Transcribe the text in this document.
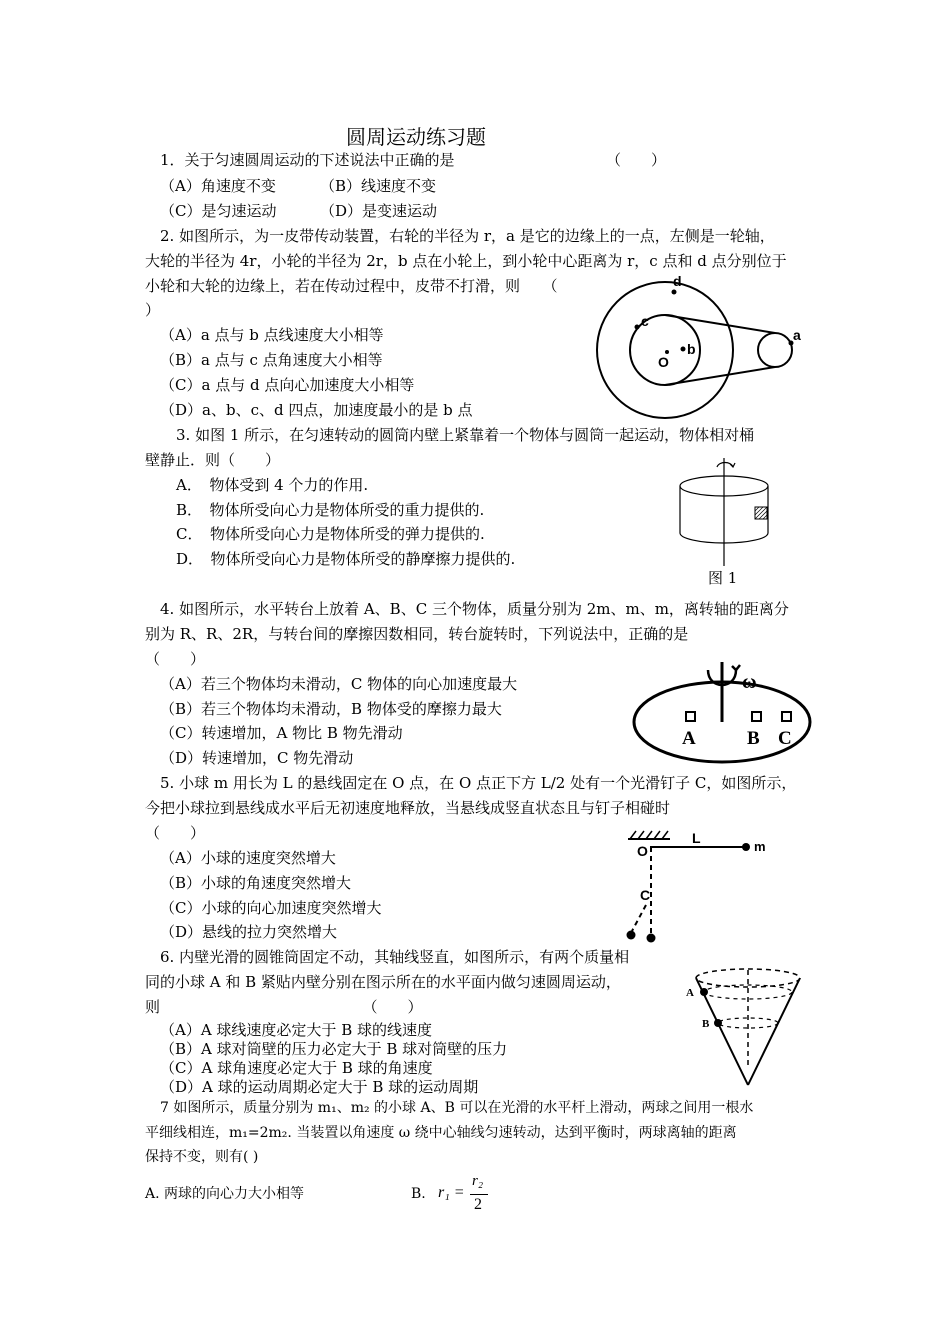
圆周运动练习题
1．关于匀速圆周运动的下述说法中正确的是	（　　）
（A）角速度不变	（B）线速度不变
（C）是匀速运动	（D）是变速运动
2. 如图所示，为一皮带传动装置，右轮的半径为 r，a 是它的边缘上的一点，左侧是一轮轴，
大轮的半径为 4r，小轮的半径为 2r，b 点在小轮上，到小轮中心距离为 r，c 点和 d 点分别位于
小轮和大轮的边缘上，若在传动过程中，皮带不打滑，则　　（
）
（A）a 点与 b 点线速度大小相等
（B）a 点与 c 点角速度大小相等
（C）a 点与 d 点向心加速度大小相等
（D）a、b、c、d 四点，加速度最小的是 b 点
d
c
b
O
a
3. 如图 1 所示，在匀速转动的圆筒内壁上紧靠着一个物体与圆筒一起运动，物体相对桶
壁静止．则（　　）
A．　物体受到 4 个力的作用.
B．　物体所受向心力是物体所受的重力提供的.
C．　物体所受向心力是物体所受的弹力提供的.
D．　物体所受向心力是物体所受的静摩擦力提供的.
图 1
4. 如图所示，水平转台上放着 A、B、C 三个物体，质量分别为 2m、m、m，离转轴的距离分
别为 R、R、2R，与转台间的摩擦因数相同，转台旋转时，下列说法中，正确的是
（　　）
（A）若三个物体均未滑动，C 物体的向心加速度最大
（B）若三个物体均未滑动，B 物体受的摩擦力最大
（C）转速增加，A 物比 B 物先滑动
（D）转速增加，C 物先滑动
ω
A	B C
5. 小球 m 用长为 L 的悬线固定在 O 点，在 O 点正下方 L/2 处有一个光滑钉子 C，如图所示，
今把小球拉到悬线成水平后无初速度地释放，当悬线成竖直状态且与钉子相碰时
（　　）
（A）小球的速度突然增大
（B）小球的角速度突然增大
（C）小球的向心加速度突然增大
（D）悬线的拉力突然增大
O
L
m
C
6. 内壁光滑的圆锥筒固定不动，其轴线竖直，如图所示，有两个质量相
同的小球 A 和 B 紧贴内壁分别在图示所在的水平面内做匀速圆周运动，
则　　　　　　　　　　　　　　（　　）
（A）A 球线速度必定大于 B 球的线速度
（B）A 球对筒壁的压力必定大于 B 球对筒壁的压力
（C）A 球角速度必定大于 B 球的角速度
（D）A 球的运动周期必定大于 B 球的运动周期
A
B
7 如图所示，质量分别为 m₁、m₂ 的小球 A、B 可以在光滑的水平杆上滑动，两球之间用一根水
平细线相连，m₁=2m₂. 当装置以角速度 ω 绕中心轴线匀速转动，达到平衡时，两球离轴的距离
保持不变，则有( )
A. 两球的向心力大小相等	B. r₁ =
r₂
2
